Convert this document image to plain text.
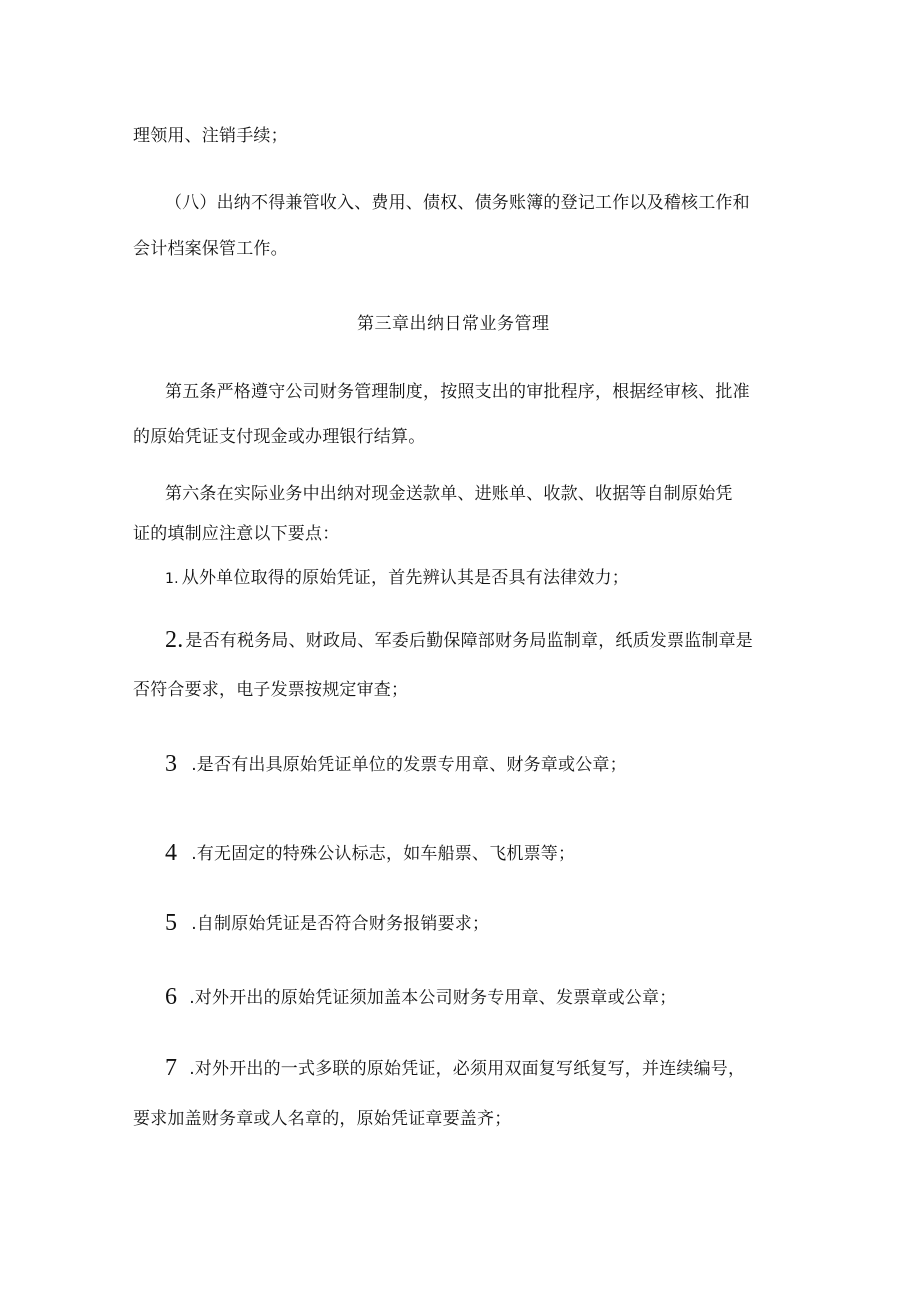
理领用、注销手续；
（八）出纳不得兼管收入、费用、债权、债务账簿的登记工作以及稽核工作和
会计档案保管工作。
第三章出纳日常业务管理
第五条严格遵守公司财务管理制度，按照支出的审批程序，根据经审核、批准
的原始凭证支付现金或办理银行结算。
第六条在实际业务中出纳对现金送款单、进账单、收款、收据等自制原始凭
证的填制应注意以下要点：
1. 从外单位取得的原始凭证，首先辨认其是否具有法律效力；
2. 是否有税务局、财政局、军委后勤保障部财务局监制章，纸质发票监制章是
否符合要求，电子发票按规定审查；
3 .是否有出具原始凭证单位的发票专用章、财务章或公章；
4 .有无固定的特殊公认标志，如车船票、飞机票等；
5 .自制原始凭证是否符合财务报销要求；
6 .对外开出的原始凭证须加盖本公司财务专用章、发票章或公章；
7 .对外开出的一式多联的原始凭证，必须用双面复写纸复写，并连续编号，
要求加盖财务章或人名章的，原始凭证章要盖齐；
